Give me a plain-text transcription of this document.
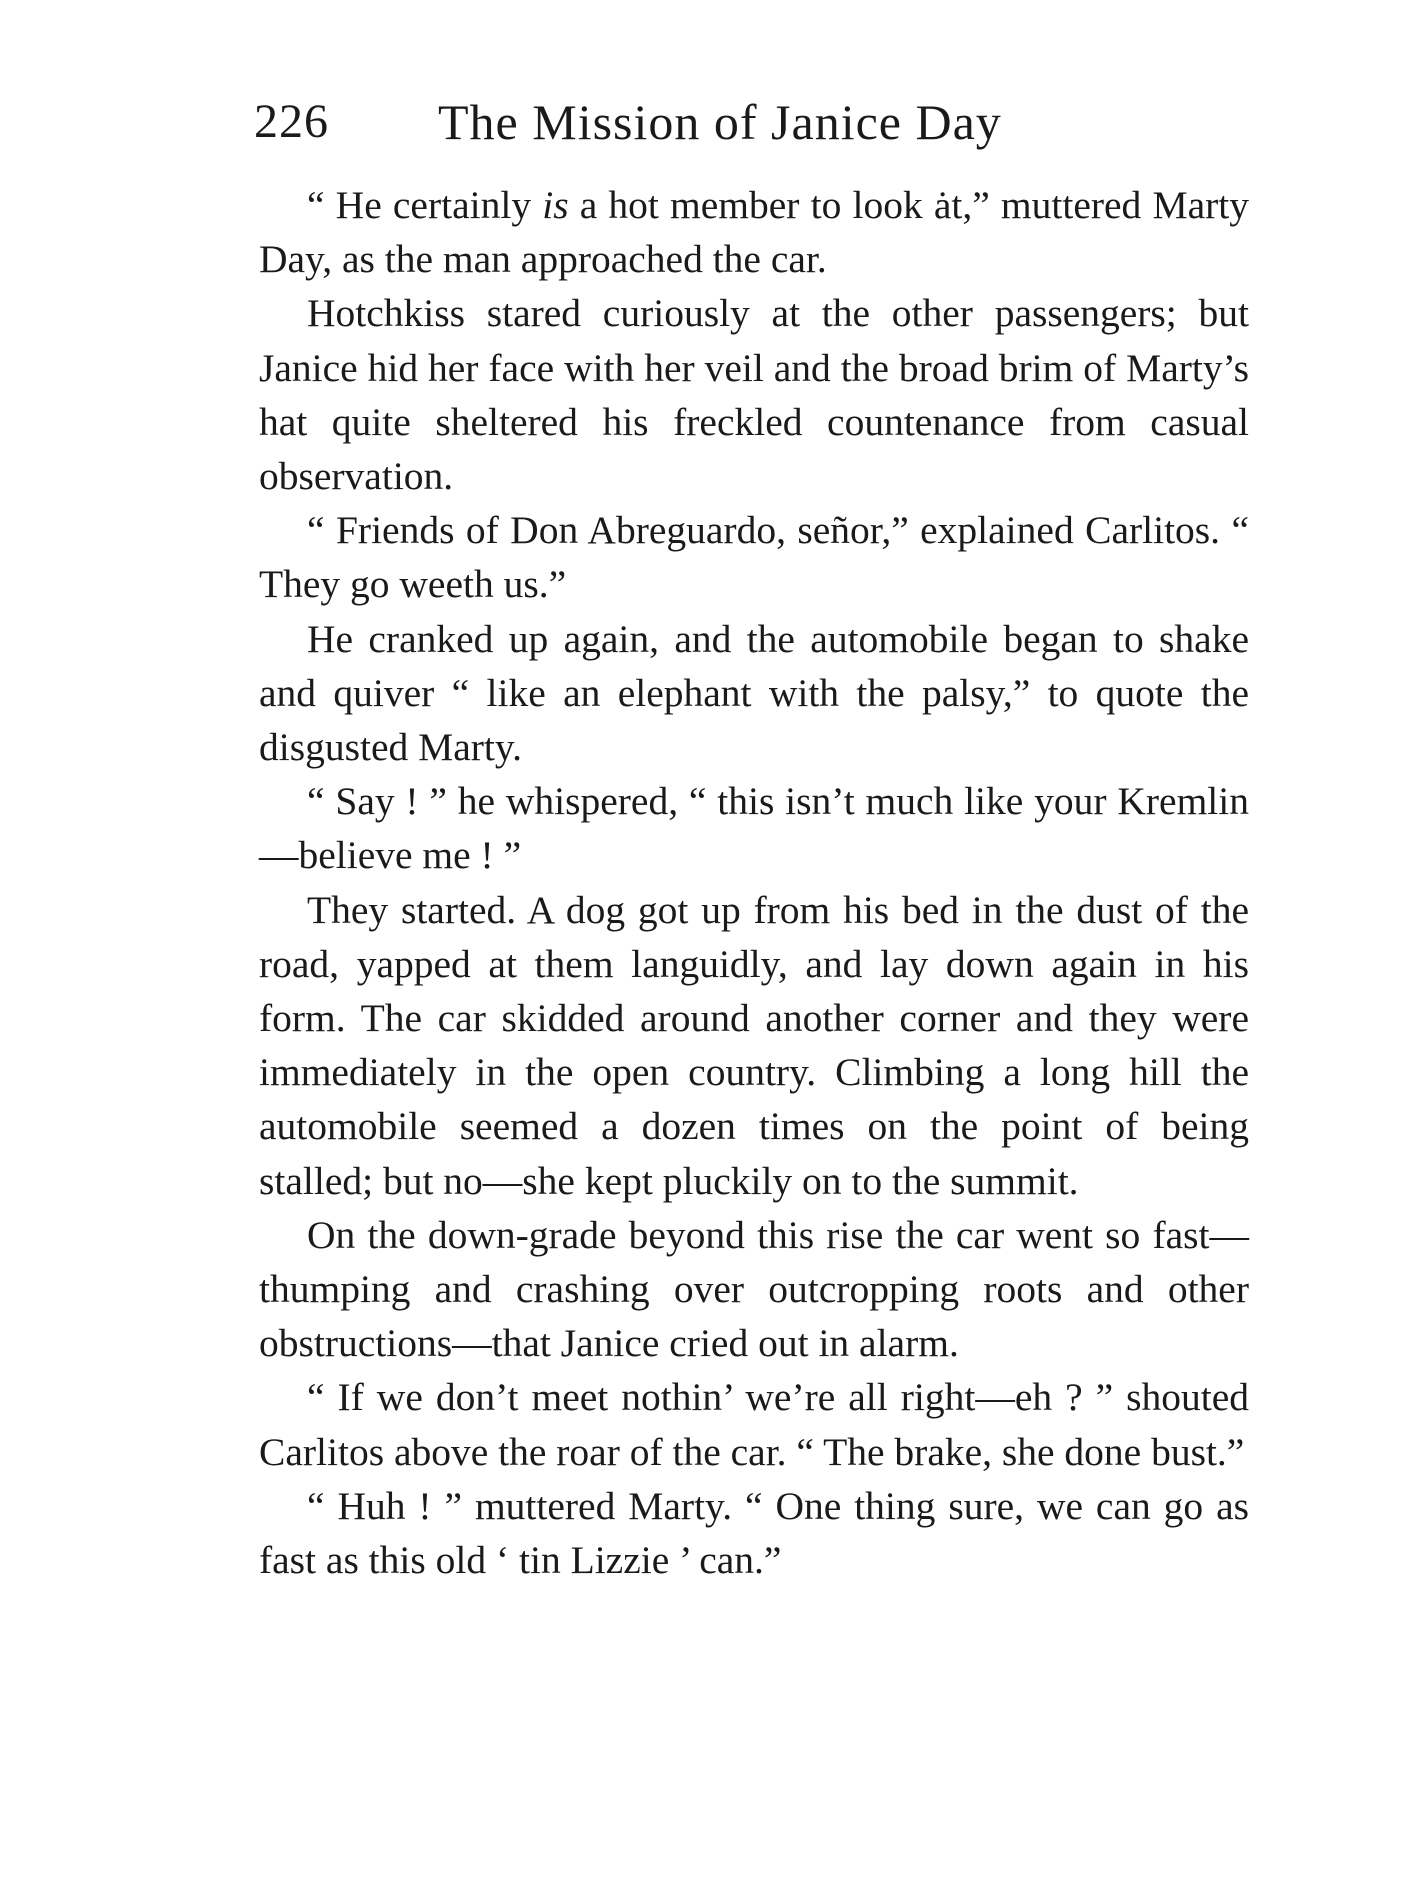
226 The Mission of Janice Day

“ He certainly is a hot member to look ȧt,” muttered Marty Day, as the man approached the car.

Hotchkiss stared curiously at the other passengers; but Janice hid her face with her veil and the broad brim of Marty’s hat quite sheltered his freckled countenance from casual observation.

“ Friends of Don Abreguardo, señor,” explained Carlitos. “ They go weeth us.”

He cranked up again, and the automobile began to shake and quiver “ like an elephant with the palsy,” to quote the disgusted Marty.

“ Say ! ” he whispered, “ this isn’t much like your Kremlin—believe me ! ”

They started. A dog got up from his bed in the dust of the road, yapped at them languidly, and lay down again in his form. The car skidded around another corner and they were immediately in the open country. Climbing a long hill the automobile seemed a dozen times on the point of being stalled; but no—she kept pluckily on to the summit.

On the down-grade beyond this rise the car went so fast—thumping and crashing over outcropping roots and other obstructions—that Janice cried out in alarm.

“ If we don’t meet nothin’ we’re all right—eh ? ” shouted Carlitos above the roar of the car. “ The brake, she done bust.”

“ Huh ! ” muttered Marty. “ One thing sure, we can go as fast as this old ‘ tin Lizzie ’ can.”
